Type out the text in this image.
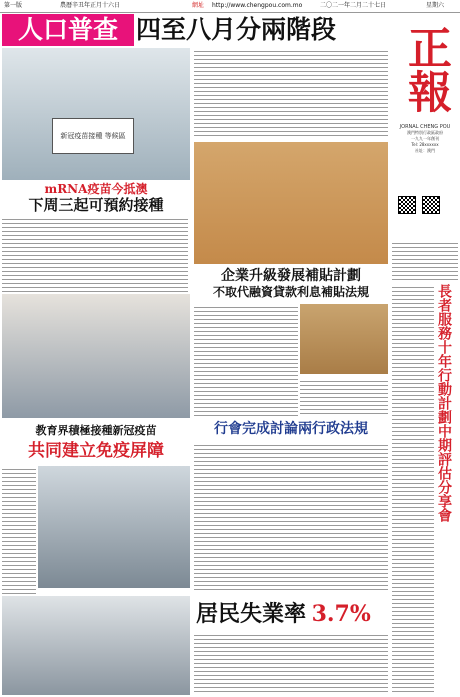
第一版	農曆辛丑年正月十六日	網址 http://www.chengpou.com.mo	二〇二一年二月二十七日	星期六
人口普查 四至八月分兩階段	正報
JORNAL CHENG POU
澳門特別行政區政府
一九九一年創刊
Tel: 28xxxxxx
社址：澳門
新冠疫苗接種 等候區
mRNA疫苗今抵澳
下周三起可預約接種
企業升級發展補貼計劃
不取代融資貸款利息補貼法規
行會完成討論兩行政法規
教育界積極接種新冠疫苗
共同建立免疫屏障
居民失業率 3.7%
長者服務十年行動計劃中期評估分享會
